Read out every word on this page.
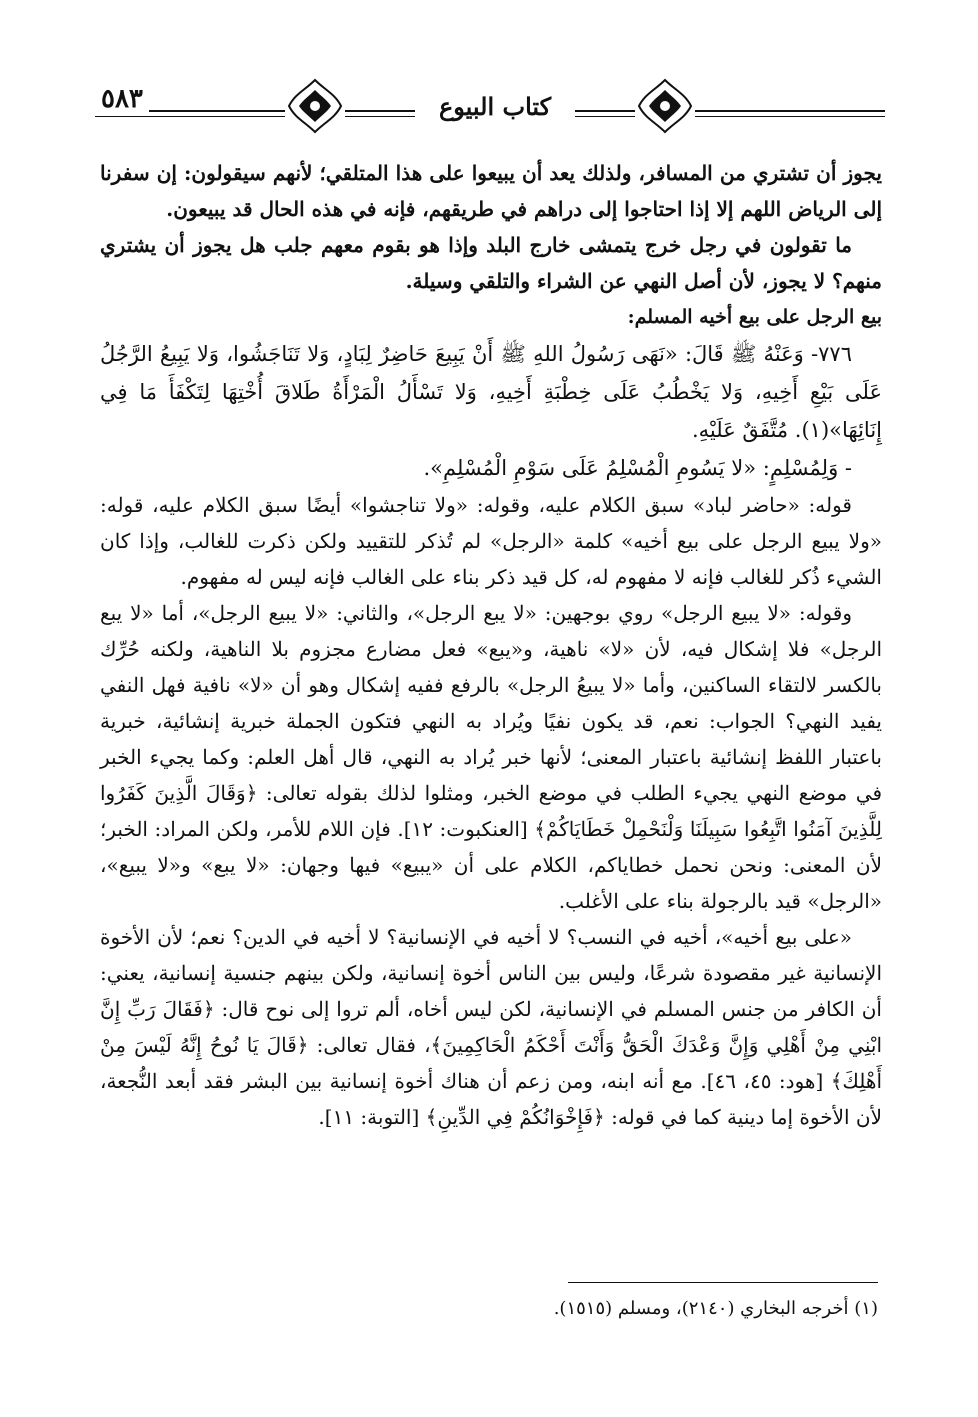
٥٨٣	كتاب البيوع

يجوز أن تشتري من المسافر، ولذلك يعد أن يبيعوا على هذا المتلقي؛ لأنهم سيقولون: إن سفرنا إلى الرياض اللهم إلا إذا احتاجوا إلى دراهم في طريقهم، فإنه في هذه الحال قد يبيعون.

ما تقولون في رجل خرج يتمشى خارج البلد وإذا هو بقوم معهم جلب هل يجوز أن يشتري منهم؟ لا يجوز، لأن أصل النهي عن الشراء والتلقي وسيلة.

بيع الرجل على بيع أخيه المسلم:

٧٧٦- وَعَنْهُ ﷺ قَالَ: «نَهَى رَسُولُ اللهِ ﷺ أَنْ يَبِيعَ حَاضِرٌ لِبَادٍ، وَلا تَنَاجَشُوا، وَلا يَبِيعُ الرَّجُلُ عَلَى بَيْعِ أَخِيهِ، وَلا يَخْطُبُ عَلَى خِطْبَةِ أَخِيهِ، وَلا تَسْأَلُ الْمَرْأَةُ طَلاقَ أُخْتِهَا لِتَكْفَأَ مَا فِي إِنَائِهَا»(١). مُتَّفَقٌ عَلَيْهِ.

- وَلِمُسْلِمٍ: «لا يَسُومِ الْمُسْلِمُ عَلَى سَوْمِ الْمُسْلِمِ».

قوله: «حاضر لباد» سبق الكلام عليه، وقوله: «ولا تناجشوا» أيضًا سبق الكلام عليه، قوله: «ولا يبيع الرجل على بيع أخيه» كلمة «الرجل» لم تُذكر للتقييد ولكن ذكرت للغالب، وإذا كان الشيء ذُكر للغالب فإنه لا مفهوم له، كل قيد ذكر بناء على الغالب فإنه ليس له مفهوم.

وقوله: «لا يبيع الرجل» روي بوجهين: «لا يبع الرجل»، والثاني: «لا يبيع الرجل»، أما «لا يبع الرجل» فلا إشكال فيه، لأن «لا» ناهية، و«يبع» فعل مضارع مجزوم بلا الناهية، ولكنه حُرِّك بالكسر لالتقاء الساكنين، وأما «لا يبيعُ الرجل» بالرفع ففيه إشكال وهو أن «لا» نافية فهل النفي يفيد النهي؟ الجواب: نعم، قد يكون نفيًا ويُراد به النهي فتكون الجملة خبرية إنشائية، خبرية باعتبار اللفظ إنشائية باعتبار المعنى؛ لأنها خبر يُراد به النهي، قال أهل العلم: وكما يجيء الخبر في موضع النهي يجيء الطلب في موضع الخبر، ومثلوا لذلك بقوله تعالى: ﴿وَقَالَ الَّذِينَ كَفَرُوا لِلَّذِينَ آمَنُوا اتَّبِعُوا سَبِيلَنَا وَلْنَحْمِلْ خَطَايَاكُمْ﴾ [العنكبوت: ١٢]. فإن اللام للأمر، ولكن المراد: الخبر؛ لأن المعنى: ونحن نحمل خطاياكم، الكلام على أن «يبيع» فيها وجهان: «لا يبع» و«لا يبيع»، «الرجل» قيد بالرجولة بناء على الأغلب.

«على بيع أخيه»، أخيه في النسب؟ لا أخيه في الإنسانية؟ لا أخيه في الدين؟ نعم؛ لأن الأخوة الإنسانية غير مقصودة شرعًا، وليس بين الناس أخوة إنسانية، ولكن بينهم جنسية إنسانية، يعني: أن الكافر من جنس المسلم في الإنسانية، لكن ليس أخاه، ألم تروا إلى نوح قال: ﴿فَقَالَ رَبِّ إِنَّ ابْنِي مِنْ أَهْلِي وَإِنَّ وَعْدَكَ الْحَقُّ وَأَنْتَ أَحْكَمُ الْحَاكِمِينَ﴾، فقال تعالى: ﴿قَالَ يَا نُوحُ إِنَّهُ لَيْسَ مِنْ أَهْلِكَ﴾ [هود: ٤٥، ٤٦]. مع أنه ابنه، ومن زعم أن هناك أخوة إنسانية بين البشر فقد أبعد النُّجعة، لأن الأخوة إما دينية كما في قوله: ﴿فَإِخْوَانُكُمْ فِي الدِّينِ﴾ [التوبة: ١١].

(١) أخرجه البخاري (٢١٤٠)، ومسلم (١٥١٥).
